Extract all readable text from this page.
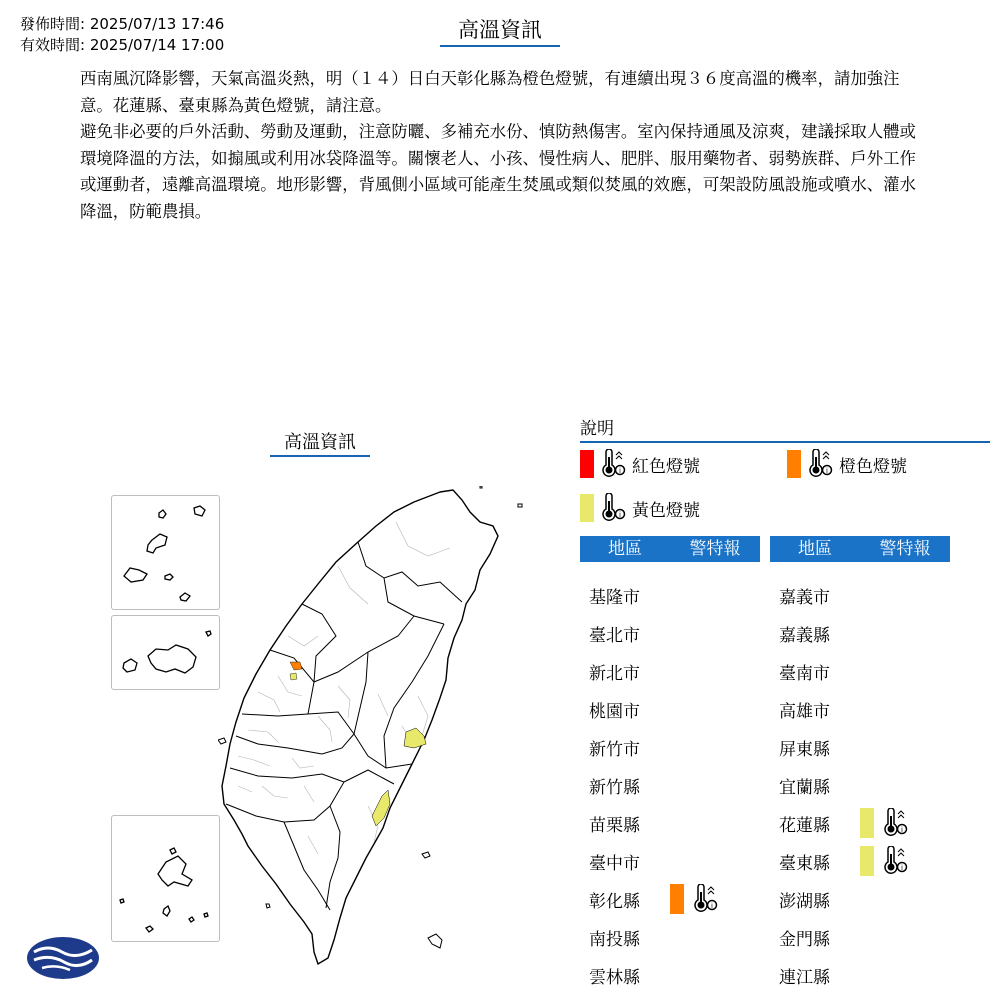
發佈時間: 2025/07/13 17:46
有效時間: 2025/07/14 17:00
高溫資訊

西南風沉降影響，天氣高溫炎熱，明（１４）日白天彰化縣為橙色燈號，有連續出現３６度高溫的機率，請加強注意。花蓮縣、臺東縣為黃色燈號，請注意。

避免非必要的戶外活動、勞動及運動，注意防曬、多補充水份、慎防熱傷害。室內保持通風及涼爽，建議採取人體或環境降溫的方法，如搧風或利用冰袋降溫等。關懷老人、小孩、慢性病人、肥胖、服用藥物者、弱勢族群、戶外工作或運動者，遠離高溫環境。地形影響，背風側小區域可能產生焚風或類似焚風的效應，可架設防風設施或噴水、灌水降溫，防範農損。

高溫資訊
說明
i 紅色燈號	i 橙色燈號
i 黃色燈號
地區	警特報	地區	警特報
基隆市
臺北市
新北市
桃園市
新竹市
新竹縣
苗栗縣
臺中市
彰化縣	i
南投縣
雲林縣
嘉義市
嘉義縣
臺南市
高雄市
屏東縣
宜蘭縣
花蓮縣	i
臺東縣	i
澎湖縣
金門縣
連江縣
